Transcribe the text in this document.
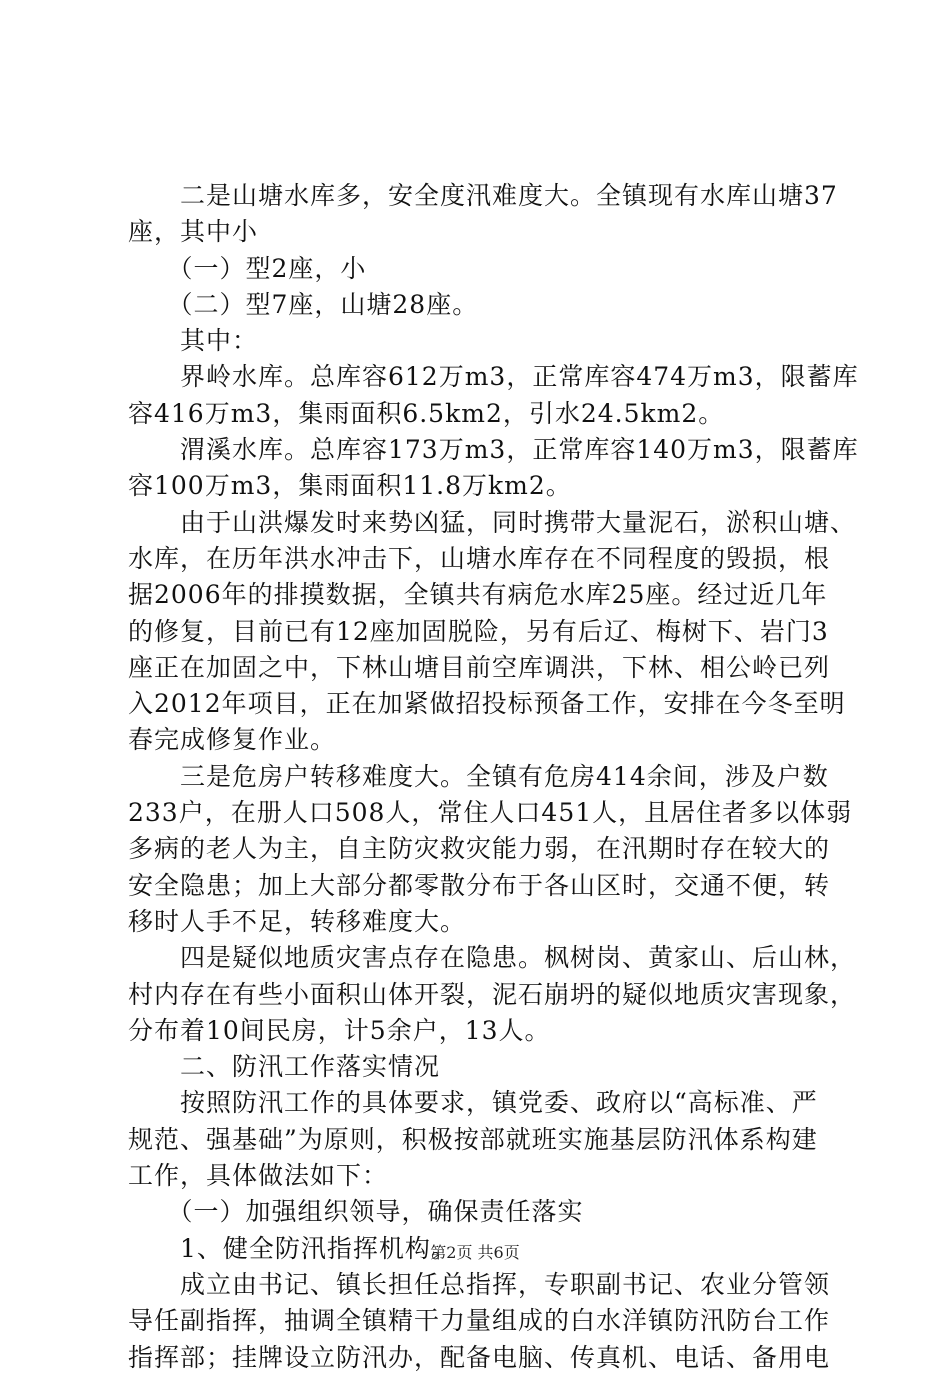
　　二是山塘水库多，安全度汛难度大。全镇现有水库山塘37
座，其中小
　　（一）型2座，小
　　（二）型7座，山塘28座。
　　其中：
　　界岭水库。总库容612万m3，正常库容474万m3，限蓄库
容416万m3，集雨面积6.5km2，引水24.5km2。
　　渭溪水库。总库容173万m3，正常库容140万m3，限蓄库
容100万m3，集雨面积11.8万km2。
　　由于山洪爆发时来势凶猛，同时携带大量泥石，淤积山塘、
水库，在历年洪水冲击下，山塘水库存在不同程度的毁损，根
据2006年的排摸数据，全镇共有病危水库25座。经过近几年
的修复，目前已有12座加固脱险，另有后辽、梅树下、岩门3
座正在加固之中，下林山塘目前空库调洪，下林、相公岭已列
入2012年项目，正在加紧做招投标预备工作，安排在今冬至明
春完成修复作业。
　　三是危房户转移难度大。全镇有危房414余间，涉及户数
233户，在册人口508人，常住人口451人，且居住者多以体弱
多病的老人为主，自主防灾救灾能力弱，在汛期时存在较大的
安全隐患；加上大部分都零散分布于各山区时，交通不便，转
移时人手不足，转移难度大。
　　四是疑似地质灾害点存在隐患。枫树岗、黄家山、后山林，
村内存在有些小面积山体开裂，泥石崩坍的疑似地质灾害现象，
分布着10间民房，计5余户，13人。
　　二、防汛工作落实情况
　　按照防汛工作的具体要求，镇党委、政府以“高标准、严
规范、强基础”为原则，积极按部就班实施基层防汛体系构建
工作，具体做法如下：
　　（一）加强组织领导，确保责任落实
　　1、健全防汛指挥机构。
　　成立由书记、镇长担任总指挥，专职副书记、农业分管领
导任副指挥，抽调全镇精干力量组成的白水洋镇防汛防台工作
指挥部；挂牌设立防汛办，配备电脑、传真机、电话、备用电
第2页 共6页
